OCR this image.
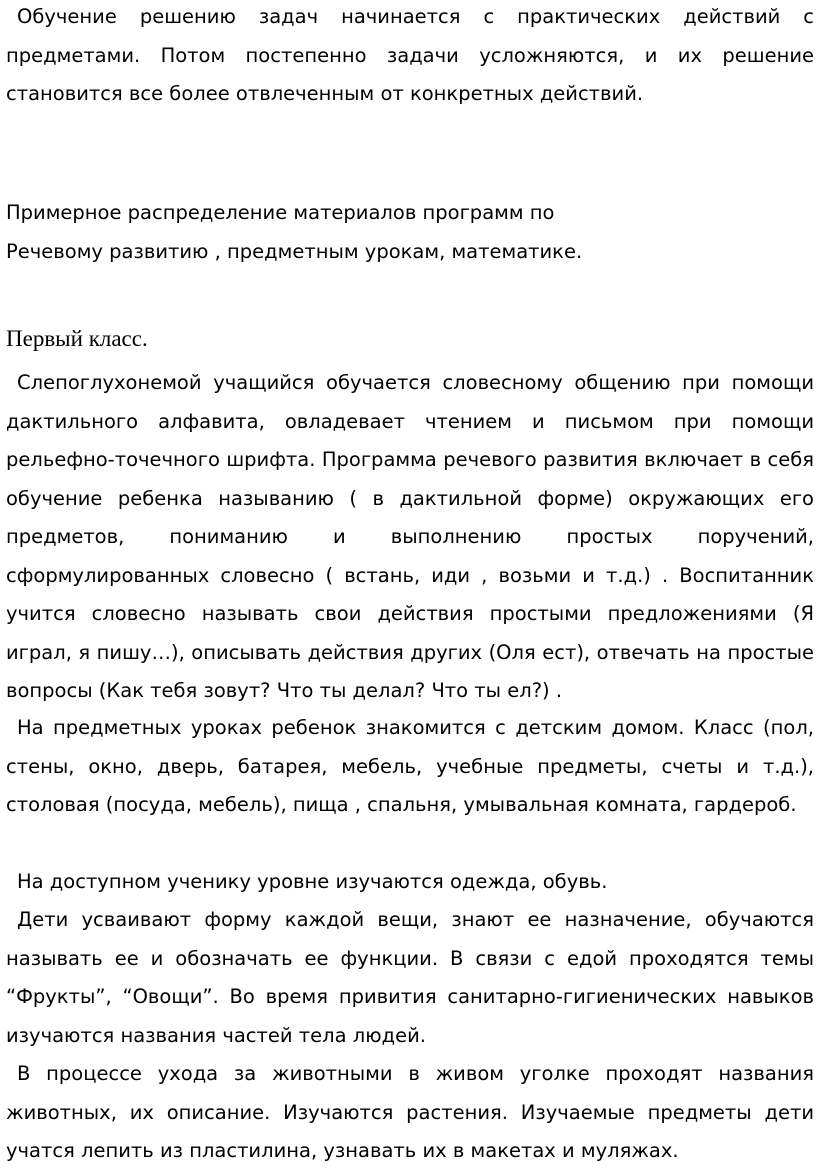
Обучение решению задач начинается с практических действий с предметами. Потом постепенно задачи усложняются, и их решение становится все более отвлеченным от конкретных действий.

Примерное распределение материалов программ по
Речевому развитию , предметным урокам, математике.

Первый класс.

Слепоглухонемой учащийся обучается словесному общению при помощи дактильного алфавита, овладевает чтением и письмом при помощи рельефно-точечного шрифта. Программа речевого развития включает в себя обучение ребенка называнию ( в дактильной форме) окружающих его предметов, пониманию и выполнению простых поручений, сформулированных словесно ( встань, иди , возьми и т.д.) . Воспитанник учится словесно называть свои действия простыми предложениями (Я играл, я пишу…), описывать действия других (Оля ест), отвечать на простые вопросы (Как тебя зовут? Что ты делал? Что ты ел?) .

На предметных уроках ребенок знакомится с детским домом. Класс (пол, стены, окно, дверь, батарея, мебель, учебные предметы, счеты и т.д.), столовая (посуда, мебель), пища , спальня, умывальная комната, гардероб.

На доступном ученику уровне изучаются одежда, обувь.

Дети усваивают форму каждой вещи, знают ее назначение, обучаются называть ее и обозначать ее функции. В связи с едой проходятся темы “Фрукты”, “Овощи”. Во время привития санитарно-гигиенических навыков изучаются названия частей тела людей.

В процессе ухода за животными в живом уголке проходят названия животных, их описание. Изучаются растения. Изучаемые предметы дети учатся лепить из пластилина, узнавать их в макетах и муляжах.
